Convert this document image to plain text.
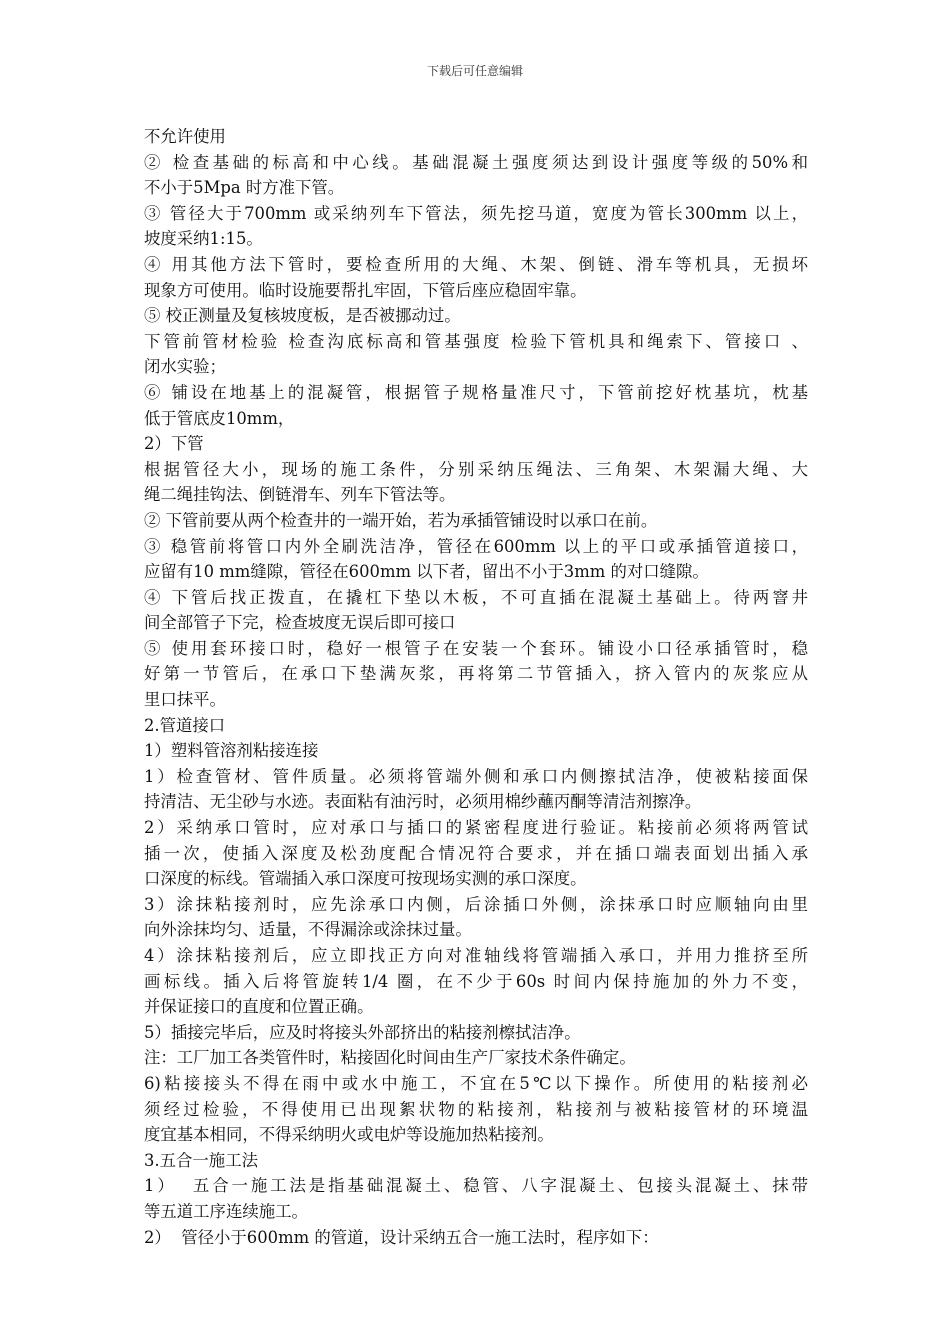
下载后可任意编辑
不允许使用
② 检查基础的标高和中心线。基础混凝土强度须达到设计强度等级的50%和
不小于5Mpa 时方准下管。
③ 管径大于700mm 或采纳列车下管法，须先挖马道，宽度为管长300mm 以上，
坡度采纳1:15。
④ 用其他方法下管时，要检查所用的大绳、木架、倒链、滑车等机具，无损坏
现象方可使用。临时设施要帮扎牢固，下管后座应稳固牢靠。
⑤ 校正测量及复核坡度板，是否被挪动过。
下管前管材检验 检查沟底标高和管基强度 检验下管机具和绳索下、管接口 、
闭水实验；
⑥ 铺设在地基上的混凝管，根据管子规格量准尺寸，下管前挖好枕基坑，枕基
低于管底皮10mm，
2）下管
根据管径大小，现场的施工条件，分别采纳压绳法、三角架、木架漏大绳、大
绳二绳挂钩法、倒链滑车、列车下管法等。
② 下管前要从两个检查井的一端开始，若为承插管铺设时以承口在前。
③ 稳管前将管口内外全刷洗洁净，管径在600mm 以上的平口或承插管道接口，
应留有10 mm缝隙，管径在600mm 以下者，留出不小于3mm 的对口缝隙。
④ 下管后找正拨直，在撬杠下垫以木板，不可直插在混凝土基础上。待两窨井
间全部管子下完，检查坡度无误后即可接口
⑤ 使用套环接口时，稳好一根管子在安装一个套环。铺设小口径承插管时，稳
好第一节管后，在承口下垫满灰浆，再将第二节管插入，挤入管内的灰浆应从
里口抹平。
2.管道接口
1）塑料管溶剂粘接连接
1）检查管材、管件质量。必须将管端外侧和承口内侧擦拭洁净，使被粘接面保
持清洁、无尘砂与水迹。表面粘有油污时，必须用棉纱蘸丙酮等清洁剂擦净。
2）采纳承口管时，应对承口与插口的紧密程度进行验证。粘接前必须将两管试
插一次，使插入深度及松劲度配合情况符合要求，并在插口端表面划出插入承
口深度的标线。管端插入承口深度可按现场实测的承口深度。
3）涂抹粘接剂时，应先涂承口内侧，后涂插口外侧，涂抹承口时应顺轴向由里
向外涂抹均匀、适量，不得漏涂或涂抹过量。
4）涂抹粘接剂后，应立即找正方向对准轴线将管端插入承口，并用力推挤至所
画标线。插入后将管旋转1/4 圈，在不少于60s 时间内保持施加的外力不变，
并保证接口的直度和位置正确。
5）插接完毕后，应及时将接头外部挤出的粘接剂檫拭洁净。
注：工厂加工各类管件时，粘接固化时间由生产厂家技术条件确定。
6)粘接接头不得在雨中或水中施工，不宜在5℃以下操作。所使用的粘接剂必
须经过检验，不得使用已出现絮状物的粘接剂，粘接剂与被粘接管材的环境温
度宜基本相同，不得采纳明火或电炉等设施加热粘接剂。
3.五合一施工法
1）  五合一施工法是指基础混凝土、稳管、八字混凝土、包接头混凝土、抹带
等五道工序连续施工。
2）  管径小于600mm 的管道，设计采纳五合一施工法时，程序如下：
